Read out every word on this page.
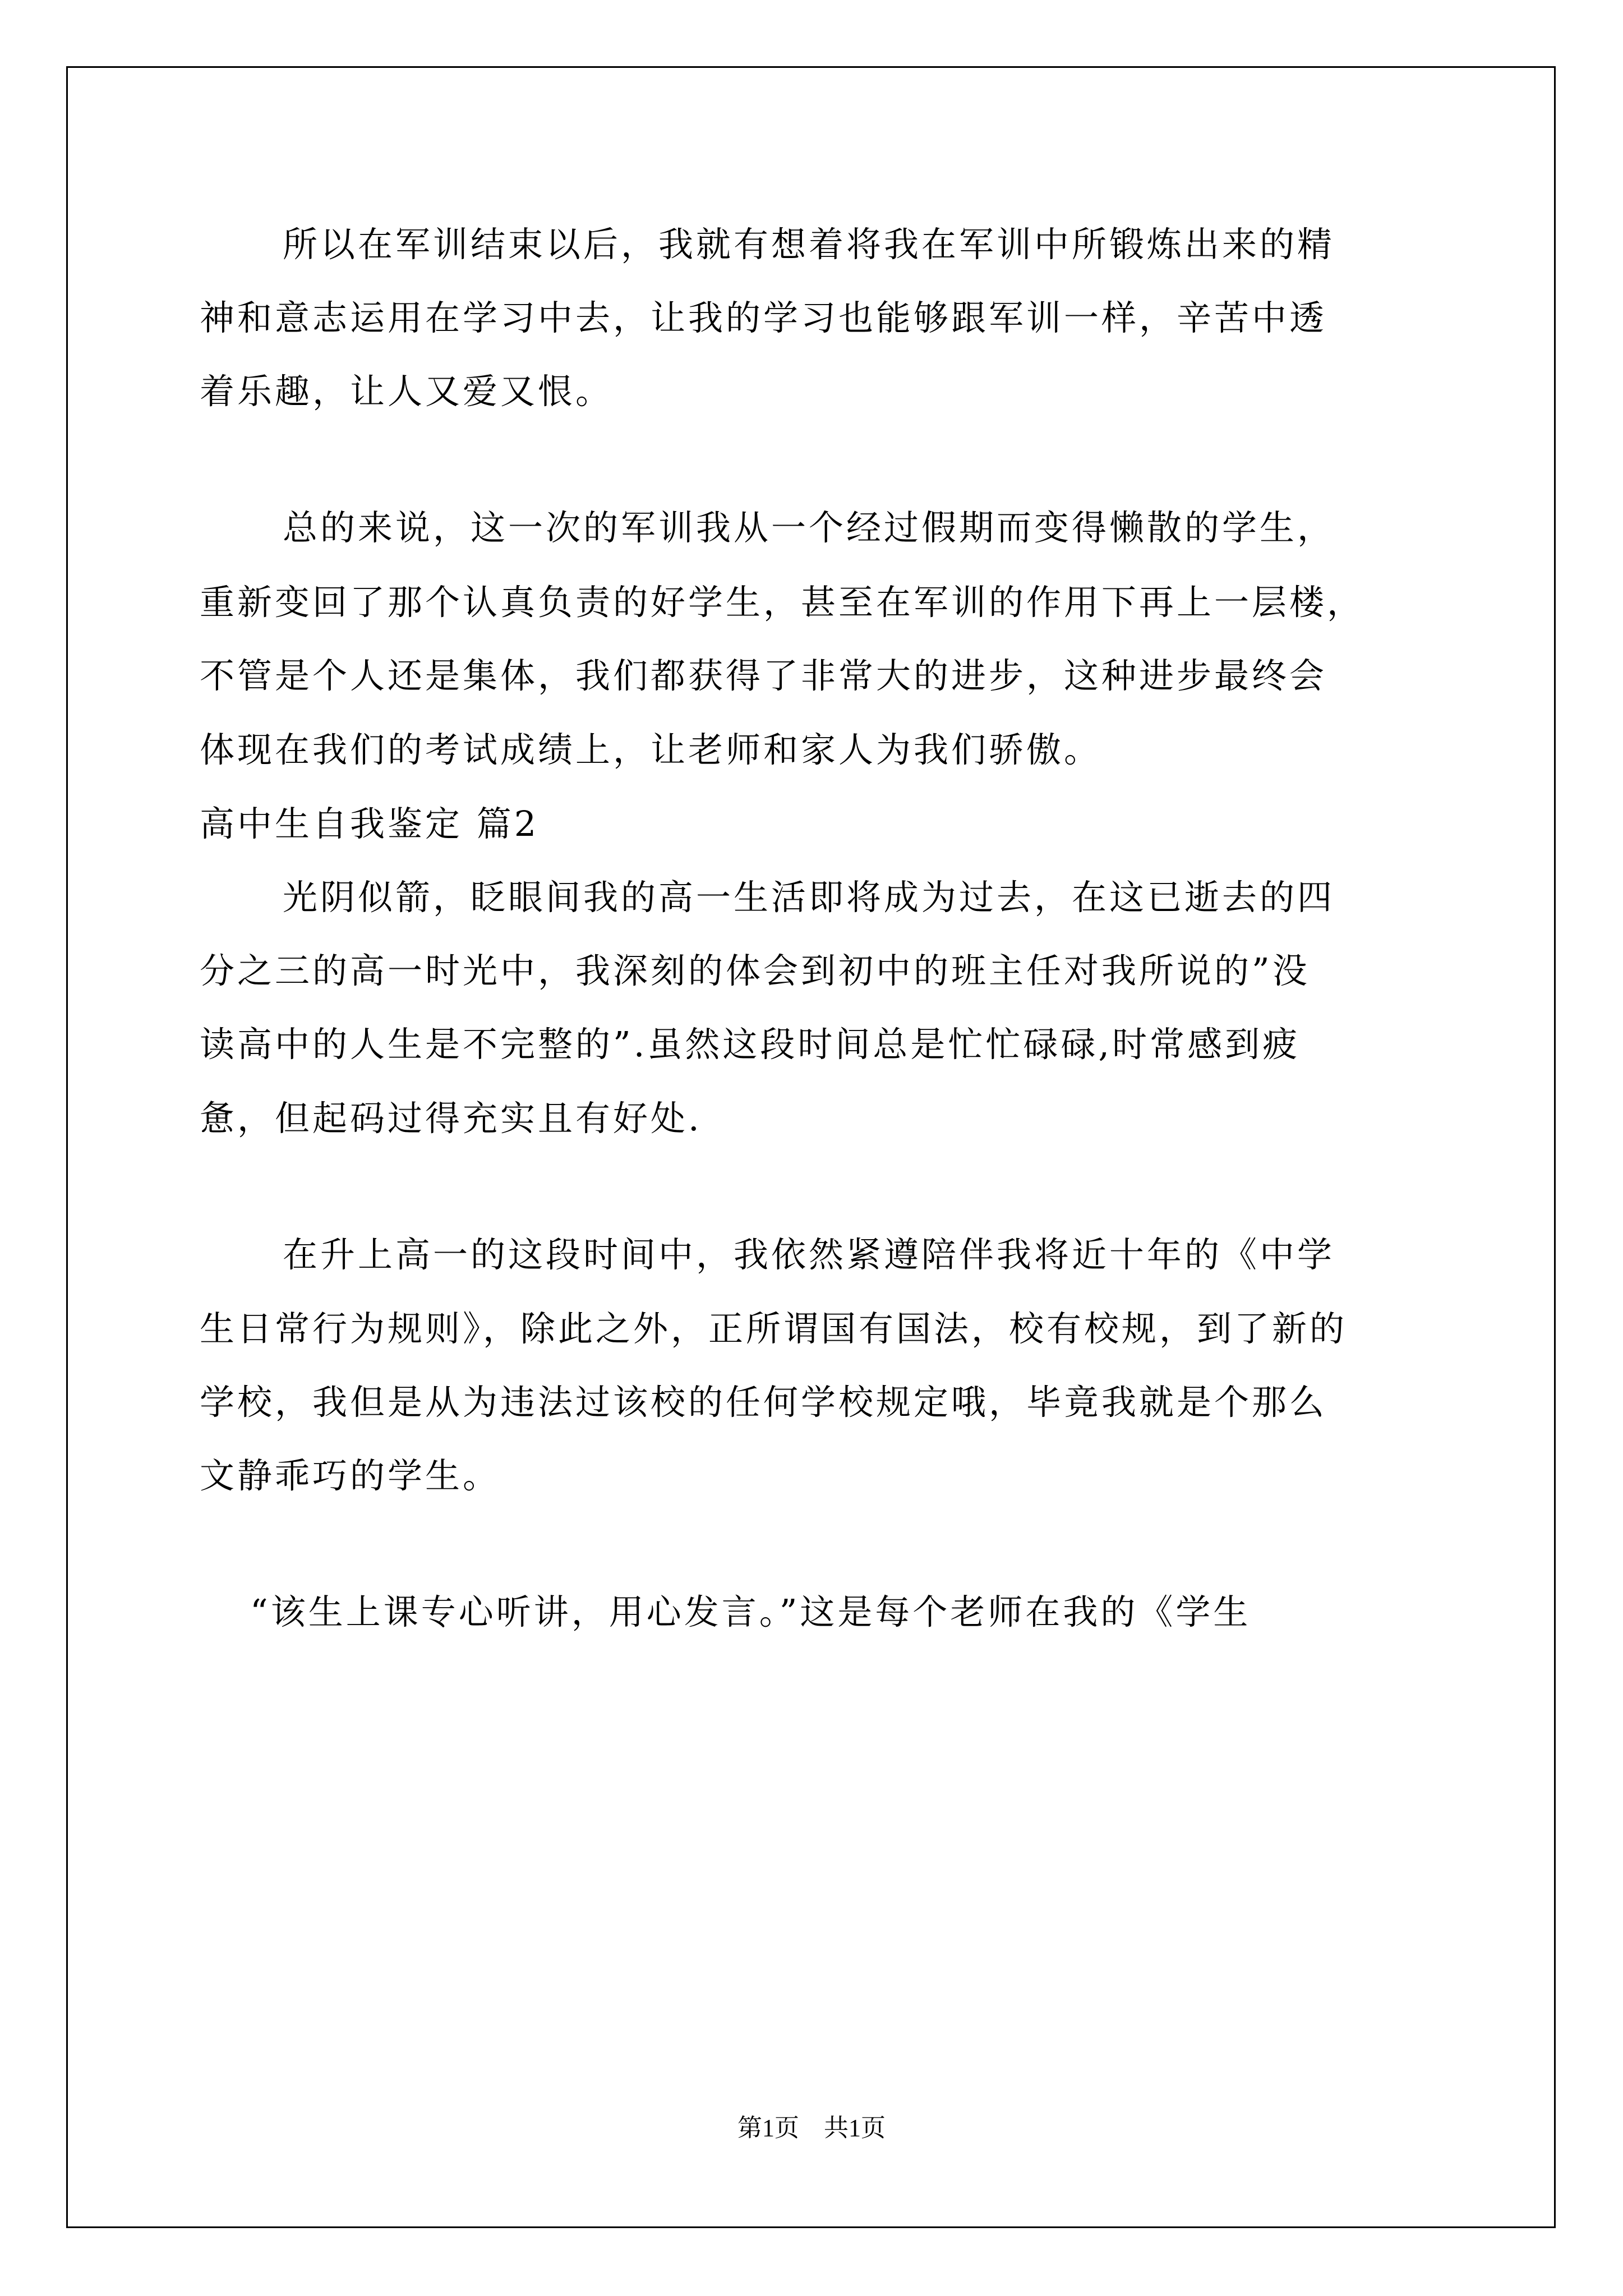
所以在军训结束以后，我就有想着将我在军训中所锻炼出来的精
神和意志运用在学习中去，让我的学习也能够跟军训一样，辛苦中透
着乐趣，让人又爱又恨。
总的来说，这一次的军训我从一个经过假期而变得懒散的学生，
重新变回了那个认真负责的好学生，甚至在军训的作用下再上一层楼，
不管是个人还是集体，我们都获得了非常大的进步，这种进步最终会
体现在我们的考试成绩上，让老师和家人为我们骄傲。
高中生自我鉴定 篇2
光阴似箭，眨眼间我的高一生活即将成为过去，在这已逝去的四
分之三的高一时光中，我深刻的体会到初中的班主任对我所说的”没
读高中的人生是不完整的”.虽然这段时间总是忙忙碌碌,时常感到疲
惫，但起码过得充实且有好处.
在升上高一的这段时间中，我依然紧遵陪伴我将近十年的《中学
生日常行为规则》，除此之外，正所谓国有国法，校有校规，到了新的
学校，我但是从为违法过该校的任何学校规定哦，毕竟我就是个那么
文静乖巧的学生。
“该生上课专心听讲，用心发言。”这是每个老师在我的《学生
第1页　共1页
